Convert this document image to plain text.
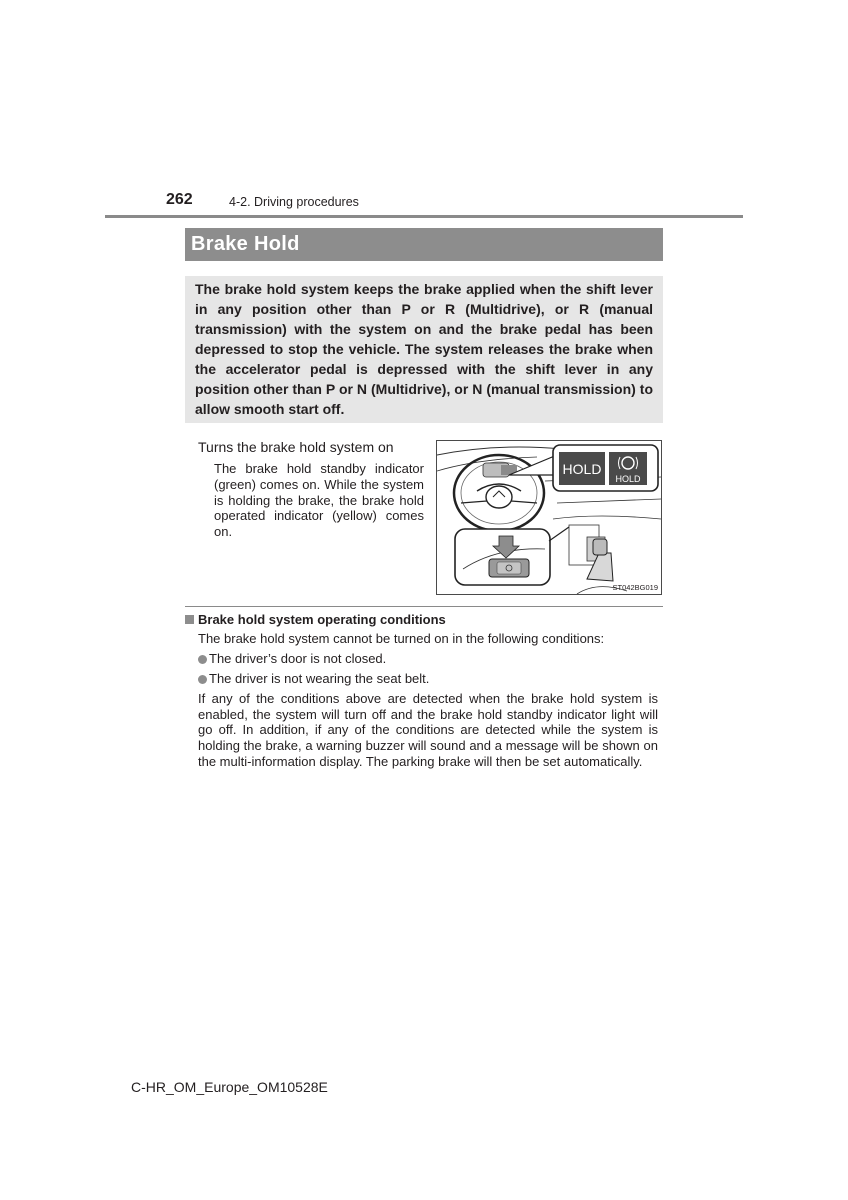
262	4-2. Driving procedures
Brake Hold
The brake hold system keeps the brake applied when the shift lever in any position other than P or R (Multidrive), or R (manual transmission) with the system on and the brake pedal has been depressed to stop the vehicle. The system releases the brake when the accelerator pedal is depressed with the shift lever in any position other than P or N (Multidrive), or N (manual transmission) to allow smooth start off.
Turns the brake hold system on
The brake hold standby indicator (green) comes on. While the system is holding the brake, the brake hold operated indicator (yellow) comes on.
HOLD
HOLD
ST042BG019
Brake hold system operating conditions
The brake hold system cannot be turned on in the following conditions:
The driver’s door is not closed.
The driver is not wearing the seat belt.
If any of the conditions above are detected when the brake hold system is enabled, the system will turn off and the brake hold standby indicator light will go off. In addition, if any of the conditions are detected while the system is holding the brake, a warning buzzer will sound and a message will be shown on the multi-information display. The parking brake will then be set automatically.
C-HR_OM_Europe_OM10528E
